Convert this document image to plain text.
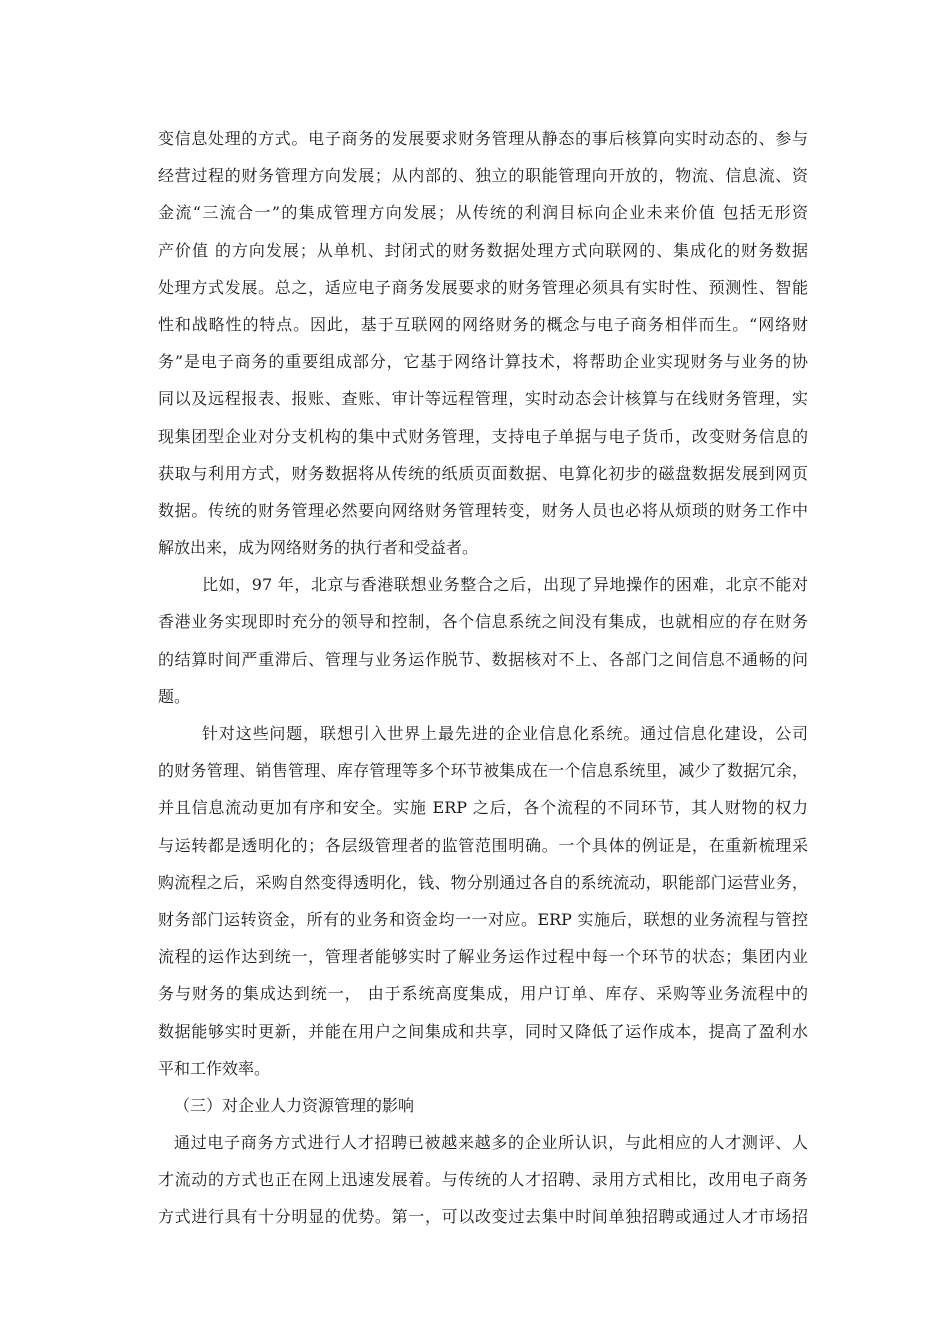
变信息处理的方式。电子商务的发展要求财务管理从静态的事后核算向实时动态的、参与
经营过程的财务管理方向发展；从内部的、独立的职能管理向开放的，物流、信息流、资
金流“三流合一”的集成管理方向发展；从传统的利润目标向企业未来价值 包括无形资
产价值 的方向发展；从单机、封闭式的财务数据处理方式向联网的、集成化的财务数据
处理方式发展。总之，适应电子商务发展要求的财务管理必须具有实时性、预测性、智能
性和战略性的特点。因此，基于互联网的网络财务的概念与电子商务相伴而生。“网络财
务”是电子商务的重要组成部分，它基于网络计算技术，将帮助企业实现财务与业务的协
同以及远程报表、报账、查账、审计等远程管理，实时动态会计核算与在线财务管理，实
现集团型企业对分支机构的集中式财务管理，支持电子单据与电子货币，改变财务信息的
获取与利用方式，财务数据将从传统的纸质页面数据、电算化初步的磁盘数据发展到网页
数据。传统的财务管理必然要向网络财务管理转变，财务人员也必将从烦琐的财务工作中
解放出来，成为网络财务的执行者和受益者。
比如，97 年，北京与香港联想业务整合之后，出现了异地操作的困难，北京不能对
香港业务实现即时充分的领导和控制，各个信息系统之间没有集成，也就相应的存在财务
的结算时间严重滞后、管理与业务运作脱节、数据核对不上、各部门之间信息不通畅的问
题。
针对这些问题，联想引入世界上最先进的企业信息化系统。通过信息化建设，公司
的财务管理、销售管理、库存管理等多个环节被集成在一个信息系统里，减少了数据冗余，
并且信息流动更加有序和安全。实施 ERP 之后，各个流程的不同环节，其人财物的权力
与运转都是透明化的；各层级管理者的监管范围明确。一个具体的例证是，在重新梳理采
购流程之后，采购自然变得透明化，钱、物分别通过各自的系统流动，职能部门运营业务，
财务部门运转资金，所有的业务和资金均一一对应。ERP 实施后，联想的业务流程与管控
流程的运作达到统一，管理者能够实时了解业务运作过程中每一个环节的状态；集团内业
务与财务的集成达到统一， 由于系统高度集成，用户订单、库存、采购等业务流程中的
数据能够实时更新，并能在用户之间集成和共享，同时又降低了运作成本，提高了盈利水
平和工作效率。
（三）对企业人力资源管理的影响
通过电子商务方式进行人才招聘已被越来越多的企业所认识，与此相应的人才测评、人
才流动的方式也正在网上迅速发展着。与传统的人才招聘、录用方式相比，改用电子商务
方式进行具有十分明显的优势。第一，可以改变过去集中时间单独招聘或通过人才市场招
